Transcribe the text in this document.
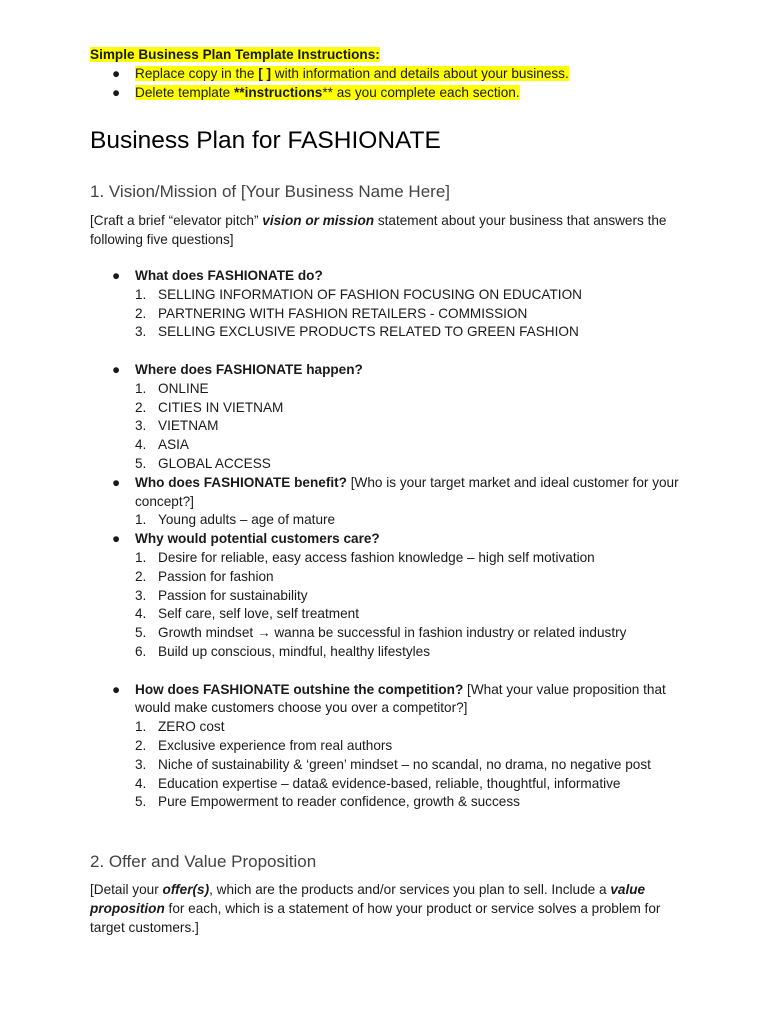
Simple Business Plan Template Instructions:
● Replace copy in the [ ] with information and details about your business.
● Delete template **instructions** as you complete each section.
Business Plan for FASHIONATE
1. Vision/Mission of [Your Business Name Here]
[Craft a brief “elevator pitch” vision or mission statement about your business that answers the following five questions]
● What does FASHIONATE do?
1. SELLING INFORMATION OF FASHION FOCUSING ON EDUCATION
2. PARTNERING WITH FASHION RETAILERS - COMMISSION
3. SELLING EXCLUSIVE PRODUCTS RELATED TO GREEN FASHION
● Where does FASHIONATE happen?
1. ONLINE
2. CITIES IN VIETNAM
3. VIETNAM
4. ASIA
5. GLOBAL ACCESS
● Who does FASHIONATE benefit? [Who is your target market and ideal customer for your concept?]
1. Young adults – age of mature
● Why would potential customers care?
1. Desire for reliable, easy access fashion knowledge – high self motivation
2. Passion for fashion
3. Passion for sustainability
4. Self care, self love, self treatment
5. Growth mindset → wanna be successful in fashion industry or related industry
6. Build up conscious, mindful, healthy lifestyles
● How does FASHIONATE outshine the competition? [What your value proposition that would make customers choose you over a competitor?]
1. ZERO cost
2. Exclusive experience from real authors
3. Niche of sustainability & ‘green’ mindset – no scandal, no drama, no negative post
4. Education expertise – data& evidence-based, reliable, thoughtful, informative
5. Pure Empowerment to reader confidence, growth & success
2. Offer and Value Proposition
[Detail your offer(s), which are the products and/or services you plan to sell. Include a value proposition for each, which is a statement of how your product or service solves a problem for target customers.]
